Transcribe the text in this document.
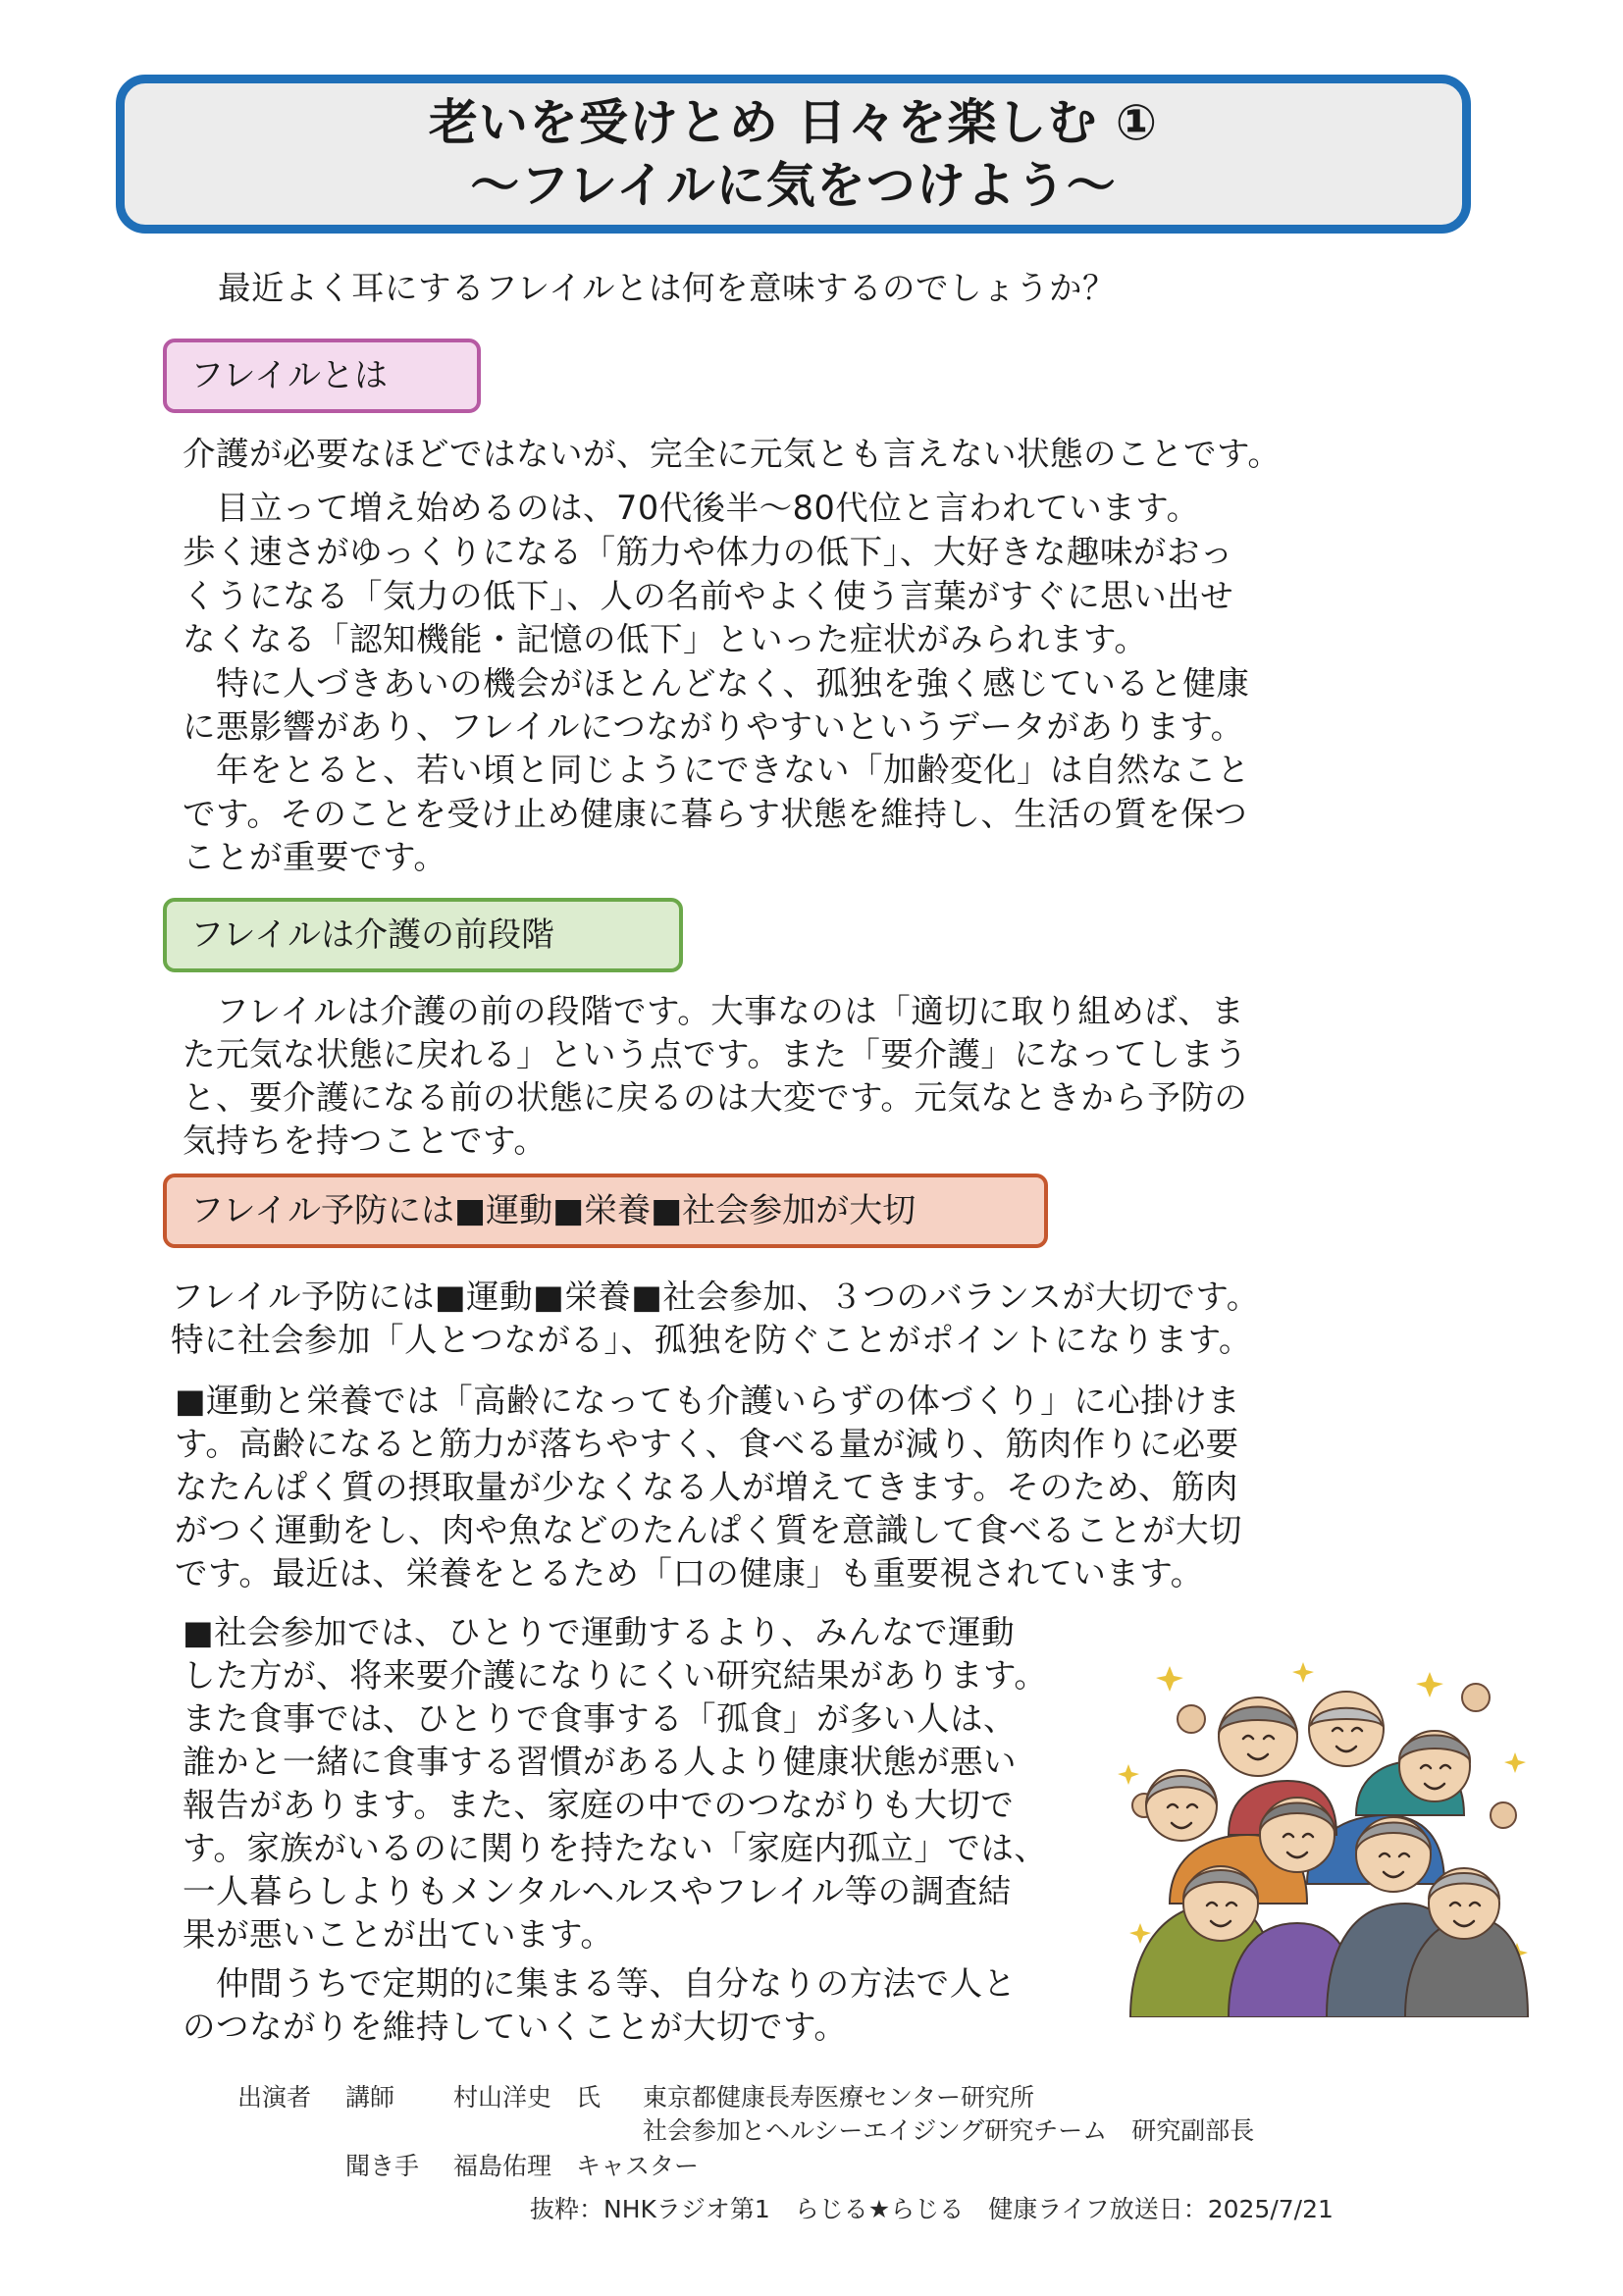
老いを受けとめ 日々を楽しむ ①
～フレイルに気をつけよう～

最近よく耳にするフレイルとは何を意味するのでしょうか？

フレイルとは

介護が必要なほどではないが、完全に元気とも言えない状態のことです。

　目立って増え始めるのは、70代後半～80代位と言われています。

歩く速さがゆっくりになる「筋力や体力の低下」、大好きな趣味がおっ

くうになる「気力の低下」、人の名前やよく使う言葉がすぐに思い出せ

なくなる「認知機能・記憶の低下」といった症状がみられます。

　特に人づきあいの機会がほとんどなく、孤独を強く感じていると健康

に悪影響があり、フレイルにつながりやすいというデータがあります。

　年をとると、若い頃と同じようにできない「加齢変化」は自然なこと

です。そのことを受け止め健康に暮らす状態を維持し、生活の質を保つ

ことが重要です。

フレイルは介護の前段階

　フレイルは介護の前の段階です。大事なのは「適切に取り組めば、ま

た元気な状態に戻れる」という点です。また「要介護」になってしまう

と、要介護になる前の状態に戻るのは大変です。元気なときから予防の

気持ちを持つことです。

フレイル予防には■運動■栄養■社会参加が大切

フレイル予防には■運動■栄養■社会参加、３つのバランスが大切です。

特に社会参加「人とつながる」、孤独を防ぐことがポイントになります。

■運動と栄養では「高齢になっても介護いらずの体づくり」に心掛けま

す。高齢になると筋力が落ちやすく、食べる量が減り、筋肉作りに必要

なたんぱく質の摂取量が少なくなる人が増えてきます。そのため、筋肉

がつく運動をし、肉や魚などのたんぱく質を意識して食べることが大切

です。最近は、栄養をとるため「口の健康」も重要視されています。

■社会参加では、ひとりで運動するより、みんなで運動

した方が、将来要介護になりにくい研究結果があります。

また食事では、ひとりで食事する「孤食」が多い人は、

誰かと一緒に食事する習慣がある人より健康状態が悪い

報告があります。また、家庭の中でのつながりも大切で

す。家族がいるのに関りを持たない「家庭内孤立」では、

一人暮らしよりもメンタルヘルスやフレイル等の調査結

果が悪いことが出ています。

　仲間うちで定期的に集まる等、自分なりの方法で人と

のつながりを維持していくことが大切です。

出演者 講師 村山洋史　氏 東京都健康長寿医療センター研究所
社会参加とヘルシーエイジング研究チーム　研究副部長
聞き手 福島佑理　キャスター
抜粋：NHKラジオ第1　らじる★らじる　健康ライフ放送日：2025/7/21
